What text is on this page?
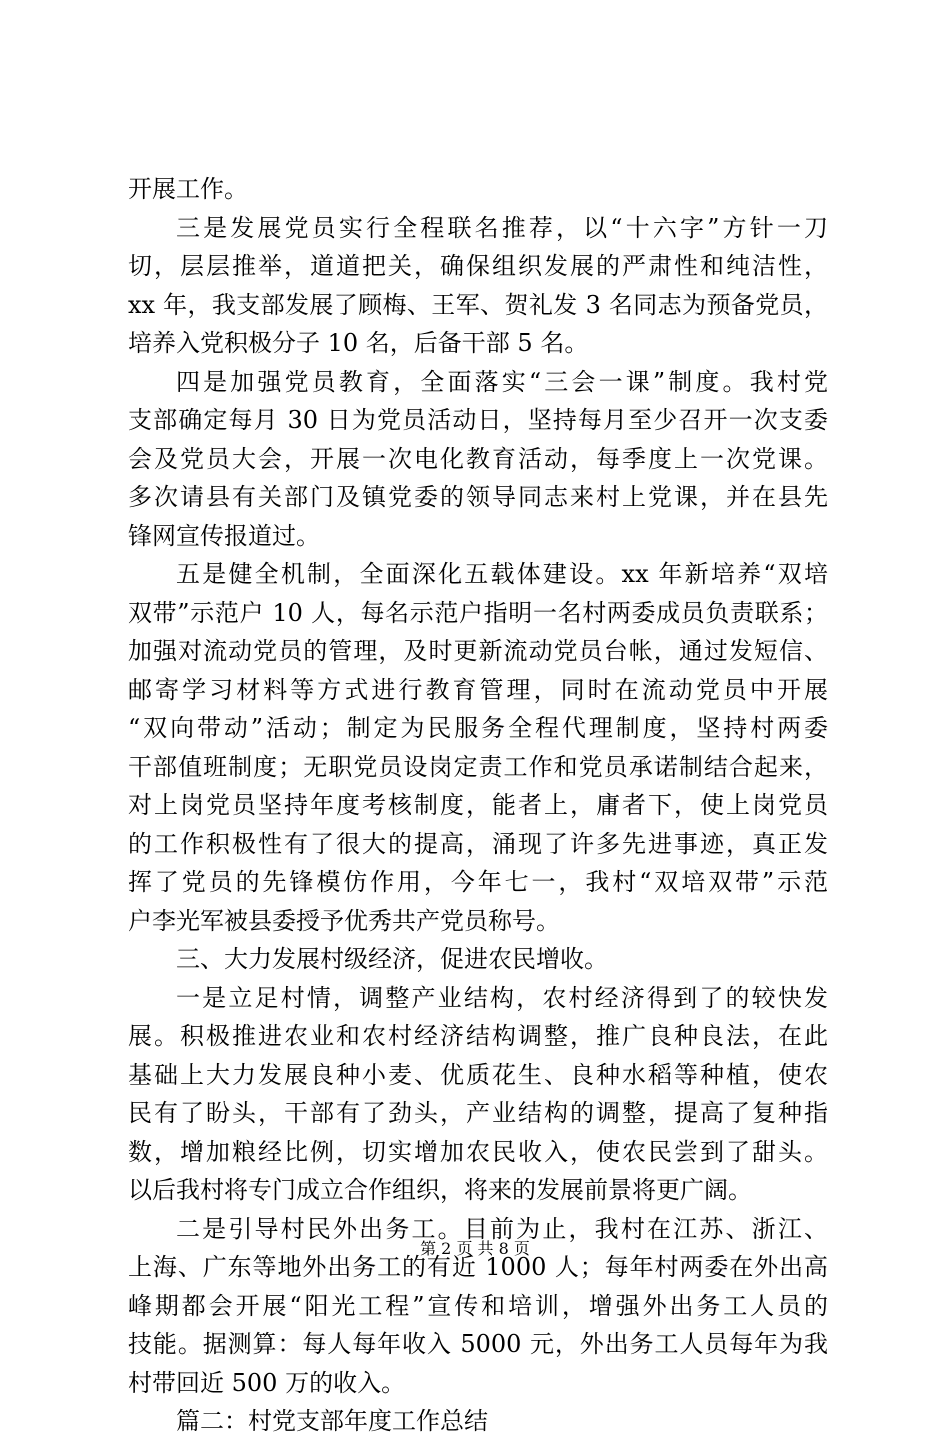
开展工作。
三是发展党员实行全程联名推荐，以“十六字”方针一刀
切，层层推举，道道把关，确保组织发展的严肃性和纯洁性，
xx 年，我支部发展了顾梅、王军、贺礼发 3 名同志为预备党员，
培养入党积极分子 10 名，后备干部 5 名。
四是加强党员教育，全面落实“三会一课”制度。我村党
支部确定每月 30 日为党员活动日，坚持每月至少召开一次支委
会及党员大会，开展一次电化教育活动，每季度上一次党课。
多次请县有关部门及镇党委的领导同志来村上党课，并在县先
锋网宣传报道过。
五是健全机制，全面深化五载体建设。xx 年新培养“双培
双带”示范户 10 人，每名示范户指明一名村两委成员负责联系；
加强对流动党员的管理，及时更新流动党员台帐，通过发短信、
邮寄学习材料等方式进行教育管理，同时在流动党员中开展
“双向带动”活动；制定为民服务全程代理制度，坚持村两委
干部值班制度；无职党员设岗定责工作和党员承诺制结合起来，
对上岗党员坚持年度考核制度，能者上，庸者下，使上岗党员
的工作积极性有了很大的提高，涌现了许多先进事迹，真正发
挥了党员的先锋模仿作用，今年七一，我村“双培双带”示范
户李光军被县委授予优秀共产党员称号。
三、大力发展村级经济，促进农民增收。
一是立足村情，调整产业结构，农村经济得到了的较快发
展。积极推进农业和农村经济结构调整，推广良种良法，在此
基础上大力发展良种小麦、优质花生、良种水稻等种植，使农
民有了盼头，干部有了劲头，产业结构的调整，提高了复种指
数，增加粮经比例，切实增加农民收入，使农民尝到了甜头。
以后我村将专门成立合作组织，将来的发展前景将更广阔。
二是引导村民外出务工。目前为止，我村在江苏、浙江、
上海、广东等地外出务工的有近 1000 人；每年村两委在外出高
峰期都会开展“阳光工程”宣传和培训，增强外出务工人员的
技能。据测算：每人每年收入 5000 元，外出务工人员每年为我
村带回近 500 万的收入。
篇二：村党支部年度工作总结
第 2 页 共 8 页
